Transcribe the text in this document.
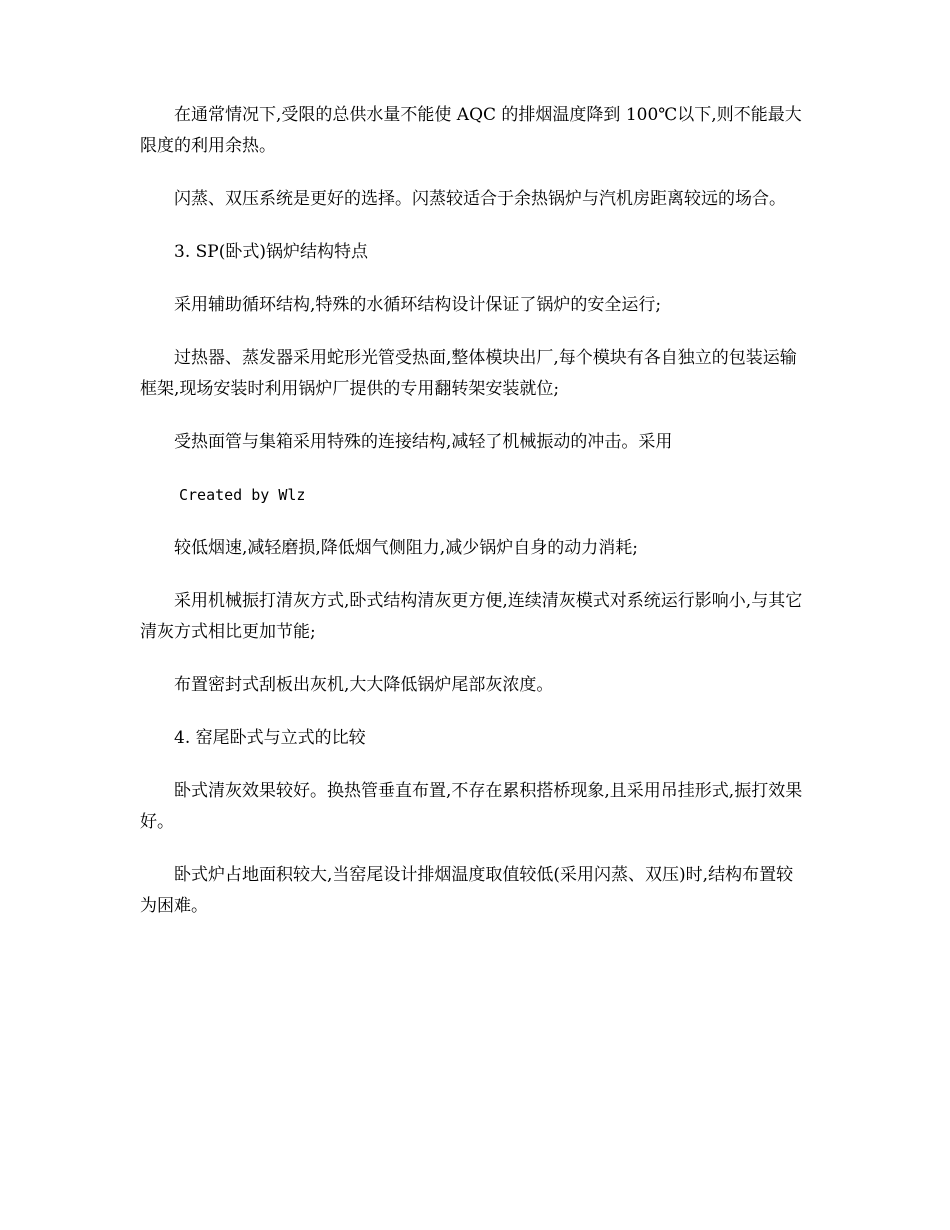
在通常情况下,受限的总供水量不能使 AQC 的排烟温度降到 100℃以下,则不能最大限度的利用余热。

闪蒸、双压系统是更好的选择。闪蒸较适合于余热锅炉与汽机房距离较远的场合。

3. SP(卧式)锅炉结构特点

采用辅助循环结构,特殊的水循环结构设计保证了锅炉的安全运行;

过热器、蒸发器采用蛇形光管受热面,整体模块出厂,每个模块有各自独立的包装运输框架,现场安装时利用锅炉厂提供的专用翻转架安装就位;

受热面管与集箱采用特殊的连接结构,减轻了机械振动的冲击。采用

Created by Wlz

较低烟速,减轻磨损,降低烟气侧阻力,减少锅炉自身的动力消耗;

采用机械振打清灰方式,卧式结构清灰更方便,连续清灰模式对系统运行影响小,与其它清灰方式相比更加节能;

布置密封式刮板出灰机,大大降低锅炉尾部灰浓度。

4. 窑尾卧式与立式的比较

卧式清灰效果较好。换热管垂直布置,不存在累积搭桥现象,且采用吊挂形式,振打效果好。

卧式炉占地面积较大,当窑尾设计排烟温度取值较低(采用闪蒸、双压)时,结构布置较为困难。
